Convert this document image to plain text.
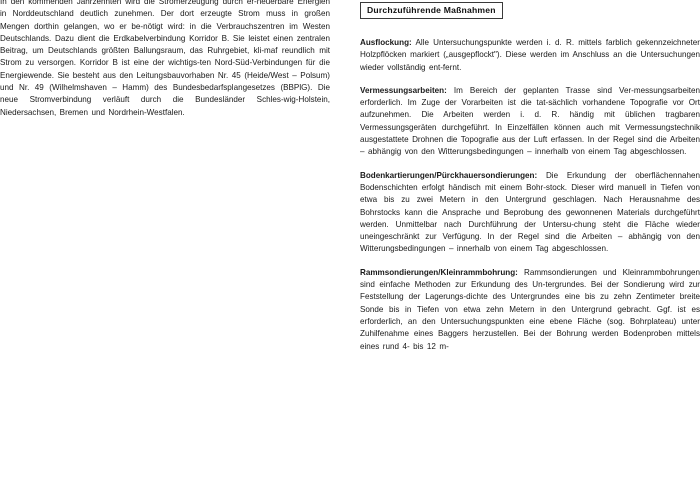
In den kommenden Jahrzehnten wird die Stromerzeugung durch er-neuerbare Energien in Norddeutschland deutlich zunehmen. Der dort erzeugte Strom muss in großen Mengen dorthin gelangen, wo er be-nötigt wird: in die Verbrauchszentren im Westen Deutschlands. Dazu dient die Erdkabelverbindung Korridor B. Sie leistet einen zentralen Beitrag, um Deutschlands größten Ballungsraum, das Ruhrgebiet, kli-maf reundlich mit Strom zu versorgen. Korridor B ist eine der wichtigs-ten Nord-Süd-Verbindungen für die Energiewende. Sie besteht aus den Leitungsbauvorhaben Nr. 45 (Heide/West – Polsum) und Nr. 49 (Wilhelmshaven – Hamm) des Bundesbedarfsplangesetzes (BBPlG). Die neue Stromverbindung verläuft durch die Bundesländer Schles-wig-Holstein, Niedersachsen, Bremen und Nordrhein-Westfalen.

Durchzuführende Maßnahmen

Ausflockung: Alle Untersuchungspunkte werden i. d. R. mittels farblich gekennzeichneter Holzpflöcken markiert („ausgepflockt"). Diese werden im Anschluss an die Untersuchungen wieder vollständig ent-fernt.

Vermessungsarbeiten: Im Bereich der geplanten Trasse sind Ver-messungsarbeiten erforderlich. Im Zuge der Vorarbeiten ist die tat-sächlich vorhandene Topografie vor Ort aufzunehmen. Die Arbeiten werden i. d. R. händig mit üblichen tragbaren Vermessungsgeräten durchgeführt. In Einzelfällen können auch mit Vermessungstechnik ausgestattete Drohnen die Topografie aus der Luft erfassen. In der Regel sind die Arbeiten – abhängig von den Witterungsbedingungen – innerhalb von einem Tag abgeschlossen.

Bodenkartierungen/Pürckhauersondierungen: Die Erkundung der oberflächennahen Bodenschichten erfolgt händisch mit einem Bohr-stock. Dieser wird manuell in Tiefen von etwa bis zu zwei Metern in den Untergrund geschlagen. Nach Herausnahme des Bohrstocks kann die Ansprache und Beprobung des gewonnenen Materials durchgeführt werden. Unmittelbar nach Durchführung der Untersu-chung steht die Fläche wieder uneingeschränkt zur Verfügung. In der Regel sind die Arbeiten – abhängig von den Witterungsbedingungen – innerhalb von einem Tag abgeschlossen.

Rammsondierungen/Kleinrammbohrung: Rammsondierungen und Kleinrammbohrungen sind einfache Methoden zur Erkundung des Un-tergrundes. Bei der Sondierung wird zur Feststellung der Lagerungs-dichte des Untergrundes eine bis zu zehn Zentimeter breite Sonde bis in Tiefen von etwa zehn Metern in den Untergrund gebracht. Ggf. ist es erforderlich, an den Untersuchungspunkten eine ebene Fläche (sog. Bohrplateau) unter Zuhilfenahme eines Baggers herzustellen. Bei der Bohrung werden Bodenproben mittels eines rund 4- bis 12 m-
